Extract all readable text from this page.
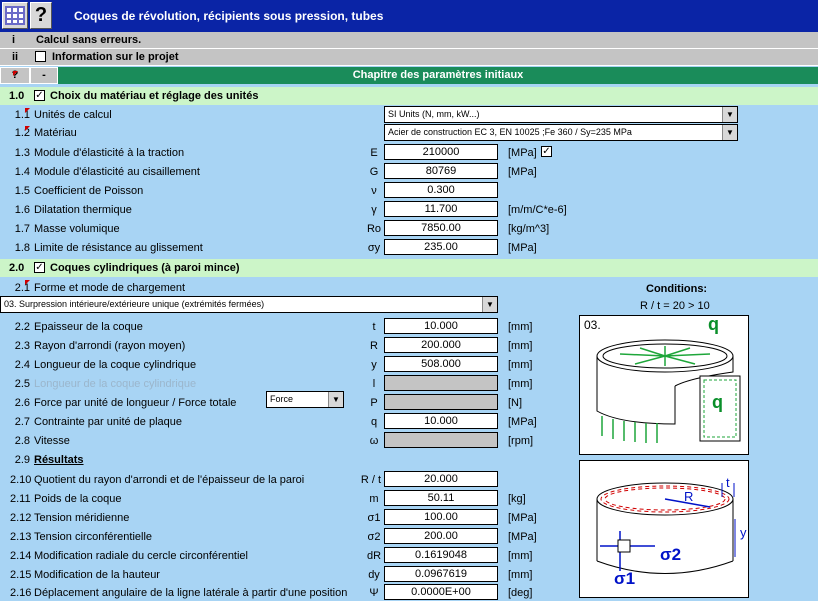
?	Coques de révolution, récipients sous pression, tubes
i Calcul sans erreurs.
ii	Information sur le projet
?	-	Chapitre des paramètres initiaux
1.0 ✓ Choix du matériau et réglage des unités
1.1 Unités de calcul	SI Units (N, mm, kW...)	▼
1.2 Matériau	Acier de construction EC 3, EN 10025 ;Fe 360 / Sy=235 MPa	▼
1.3 Module d'élasticité à la traction	E	210000	[MPa] ✓
1.4 Module d'élasticité au cisaillement	G	80769	[MPa]
1.5 Coefficient de Poisson	ν	0.300
1.6 Dilatation thermique	γ	11.700	[m/m/C*e-6]
1.7 Masse volumique	Ro	7850.00	[kg/m^3]
1.8 Limite de résistance au glissement	σy	235.00	[MPa]
2.0 ✓ Coques cylindriques (à paroi mince)
2.1 Forme et mode de chargement
03. Surpression intérieure/extérieure unique (extrémités fermées)	▼
Conditions:
R / t = 20 > 10
2.2 Epaisseur de la coque	t	10.000	[mm]
2.3 Rayon d'arrondi (rayon moyen)	R	200.000	[mm]
2.4 Longueur de la coque cylindrique	y	508.000	[mm]
2.5 Longueur de la coque cylindrique	l	[mm]
2.6 Force par unité de longueur / Force totale	Force	▼	P	[N]
2.7 Contrainte par unité de plaque	q	10.000	[MPa]
2.8 Vitesse	ω	[rpm]
2.9 Résultats
2.10 Quotient du rayon d'arrondi et de l'épaisseur de la paroi	R / t	20.000
2.11 Poids de la coque	m	50.11	[kg]
2.12 Tension méridienne	σ1	100.00	[MPa]
2.13 Tension circonférentielle	σ2	200.00	[MPa]
2.14 Modification radiale du cercle circonférentiel	dR	0.1619048	[mm]
2.15 Modification de la hauteur	dy	0.0967619	[mm]
2.16 Déplacement angulaire de la ligne latérale à partir d'une position	Ψ	0.0000E+00	[deg]
03.	q
q
R
t
y
σ1
σ2
